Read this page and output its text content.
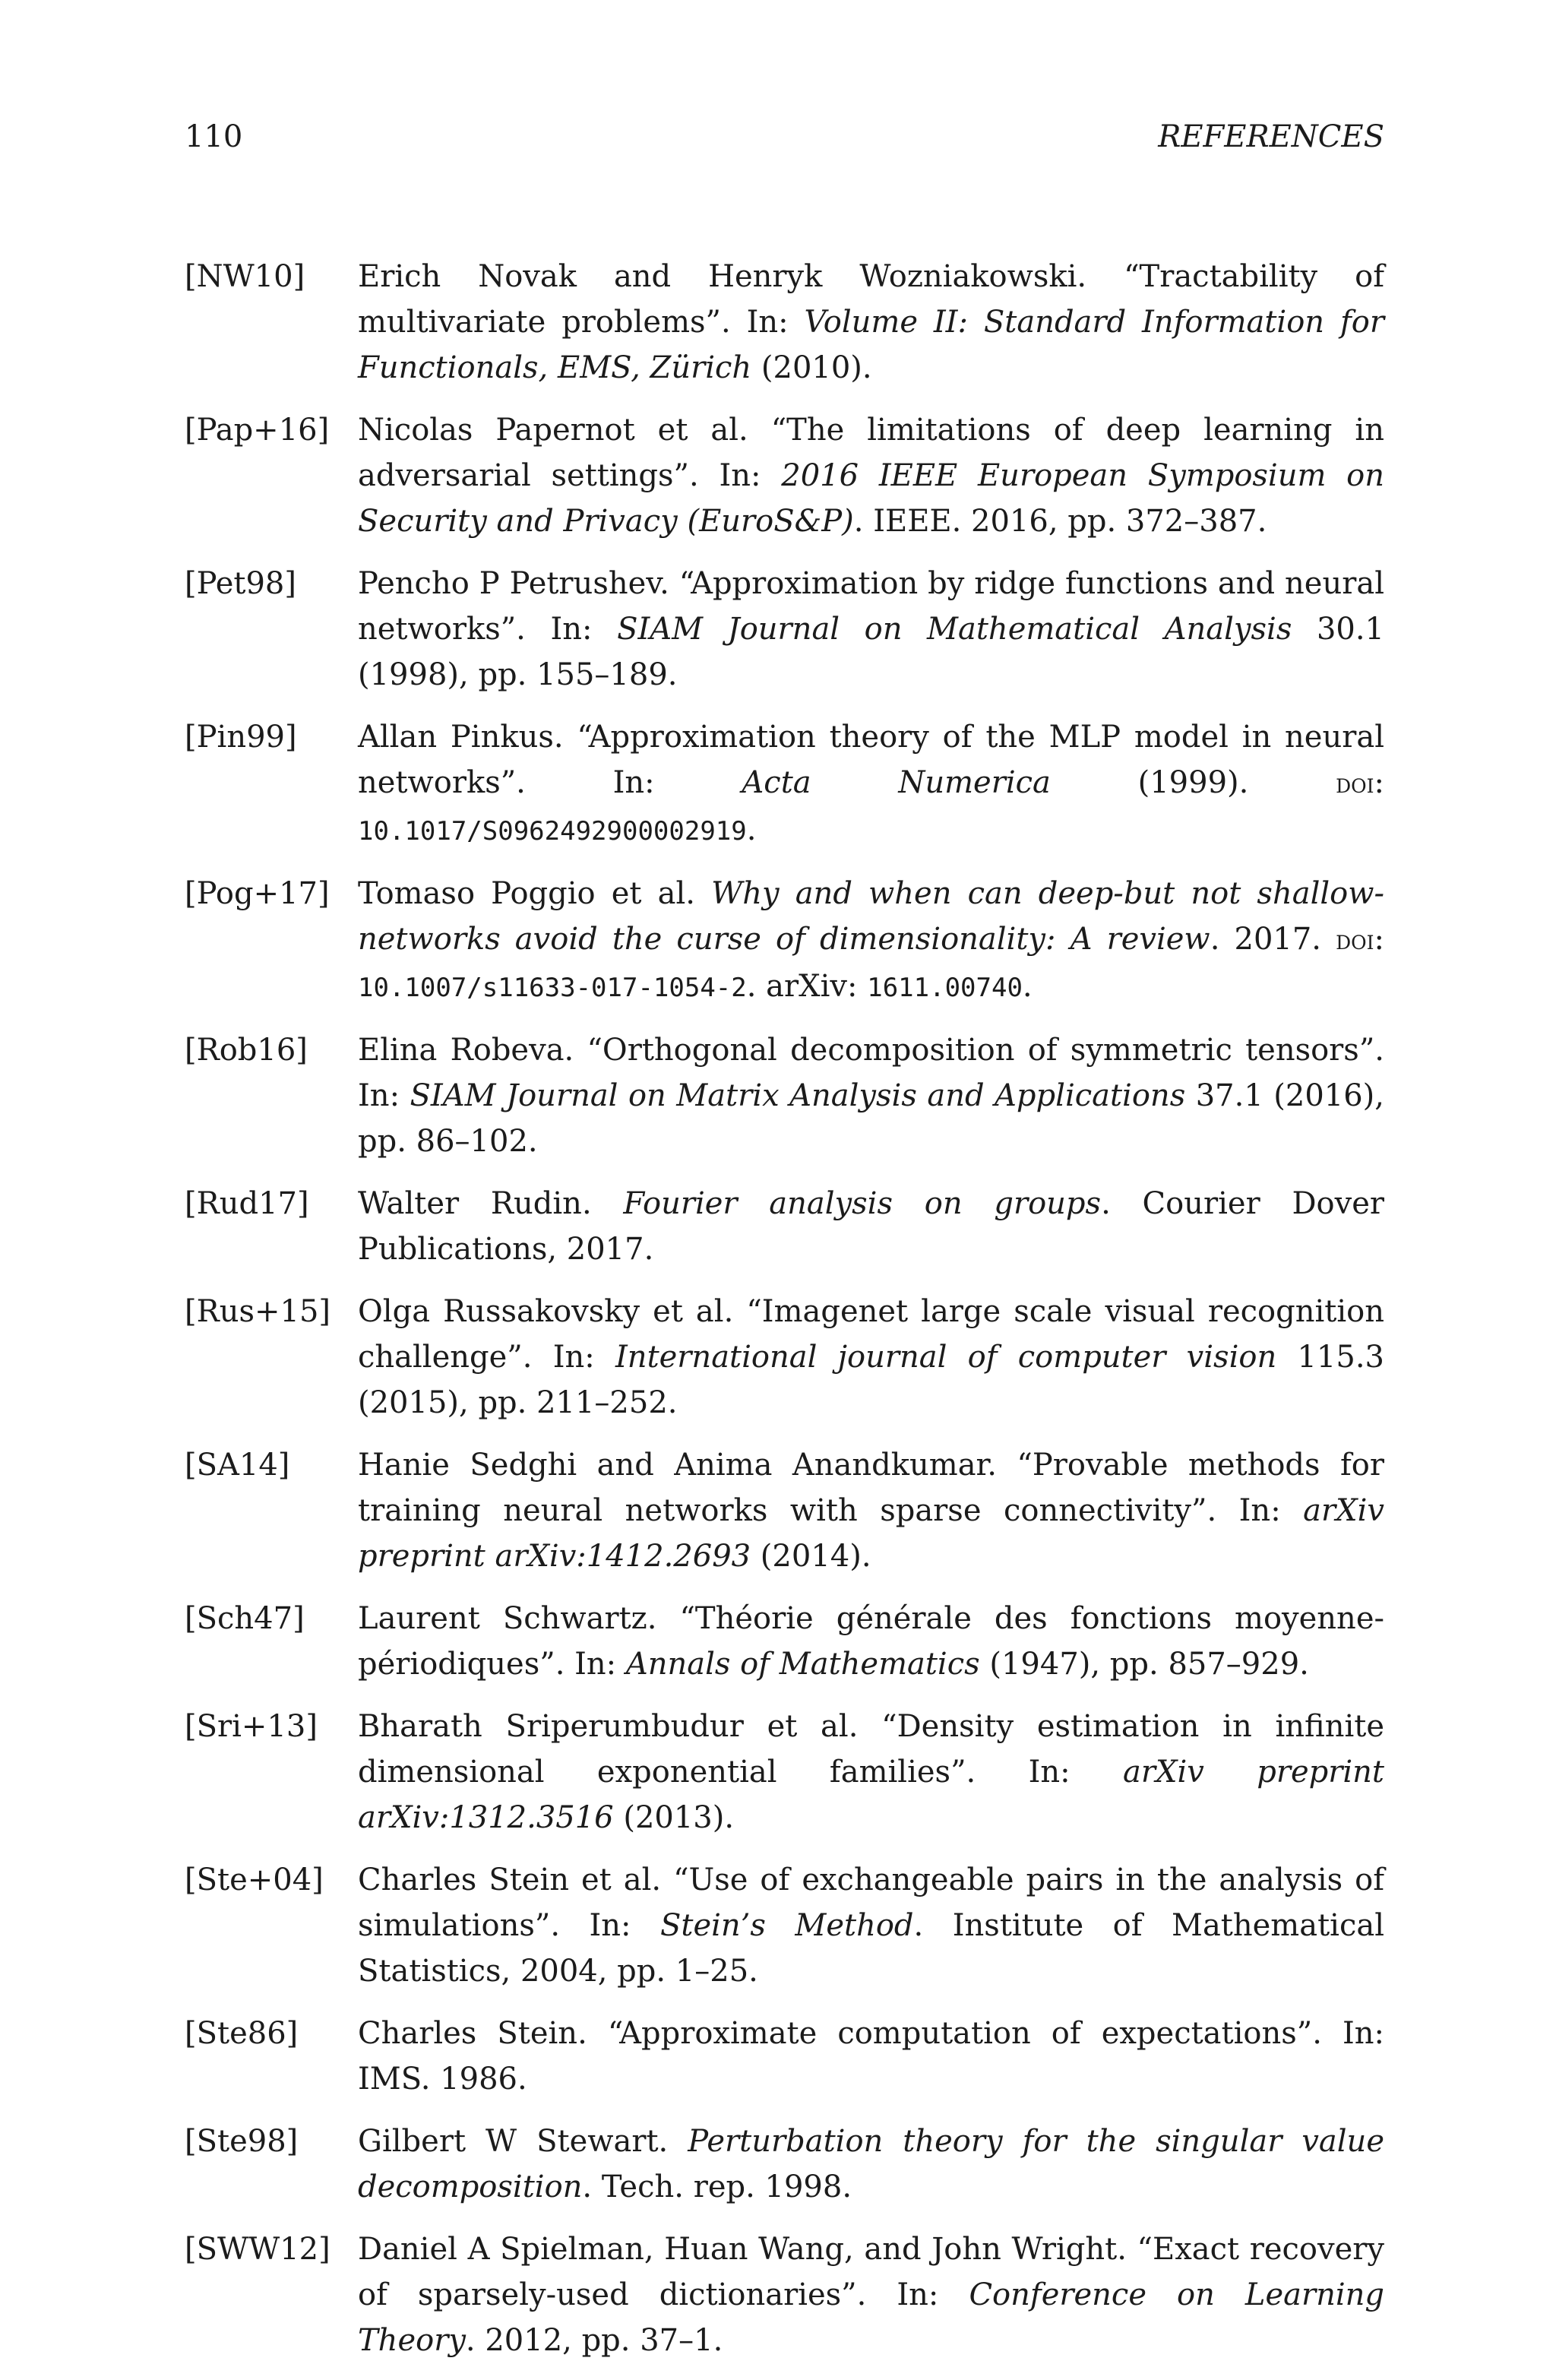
110	REFERENCES
[NW10]	Erich Novak and Henryk Wozniakowski. “Tractability of multivariate problems”. In: Volume II: Standard Information for Functionals, EMS, Zürich (2010).
[Pap+16] Nicolas Papernot et al. “The limitations of deep learning in adversarial settings”. In: 2016 IEEE European Symposium on Security and Privacy (EuroS&P). IEEE. 2016, pp. 372–387.
[Pet98]	Pencho P Petrushev. “Approximation by ridge functions and neural networks”. In: SIAM Journal on Mathematical Analysis 30.1 (1998), pp. 155–189.
[Pin99]	Allan Pinkus. “Approximation theory of the MLP model in neural networks”. In: Acta Numerica (1999). doi: 10.1017/S0962492900002919.
[Pog+17] Tomaso Poggio et al. Why and when can deep-but not shallow-networks avoid the curse of dimensionality: A review. 2017. doi: 10.1007/s11633-017-1054-2. arXiv: 1611.00740.
[Rob16]	Elina Robeva. “Orthogonal decomposition of symmetric tensors”. In: SIAM Journal on Matrix Analysis and Applications 37.1 (2016), pp. 86–102.
[Rud17]	Walter Rudin. Fourier analysis on groups. Courier Dover Publications, 2017.
[Rus+15] Olga Russakovsky et al. “Imagenet large scale visual recognition challenge”. In: International journal of computer vision 115.3 (2015), pp. 211–252.
[SA14]	Hanie Sedghi and Anima Anandkumar. “Provable methods for training neural networks with sparse connectivity”. In: arXiv preprint arXiv:1412.2693 (2014).
[Sch47]	Laurent Schwartz. “Théorie générale des fonctions moyenne-périodiques”. In: Annals of Mathematics (1947), pp. 857–929.
[Sri+13]	Bharath Sriperumbudur et al. “Density estimation in infinite dimensional exponential families”. In: arXiv preprint arXiv:1312.3516 (2013).
[Ste+04]	Charles Stein et al. “Use of exchangeable pairs in the analysis of simulations”. In: Stein’s Method. Institute of Mathematical Statistics, 2004, pp. 1–25.
[Ste86]	Charles Stein. “Approximate computation of expectations”. In: IMS. 1986.
[Ste98]	Gilbert W Stewart. Perturbation theory for the singular value decomposition. Tech. rep. 1998.
[SWW12] Daniel A Spielman, Huan Wang, and John Wright. “Exact recovery of sparsely-used dictionaries”. In: Conference on Learning Theory. 2012, pp. 37–1.
